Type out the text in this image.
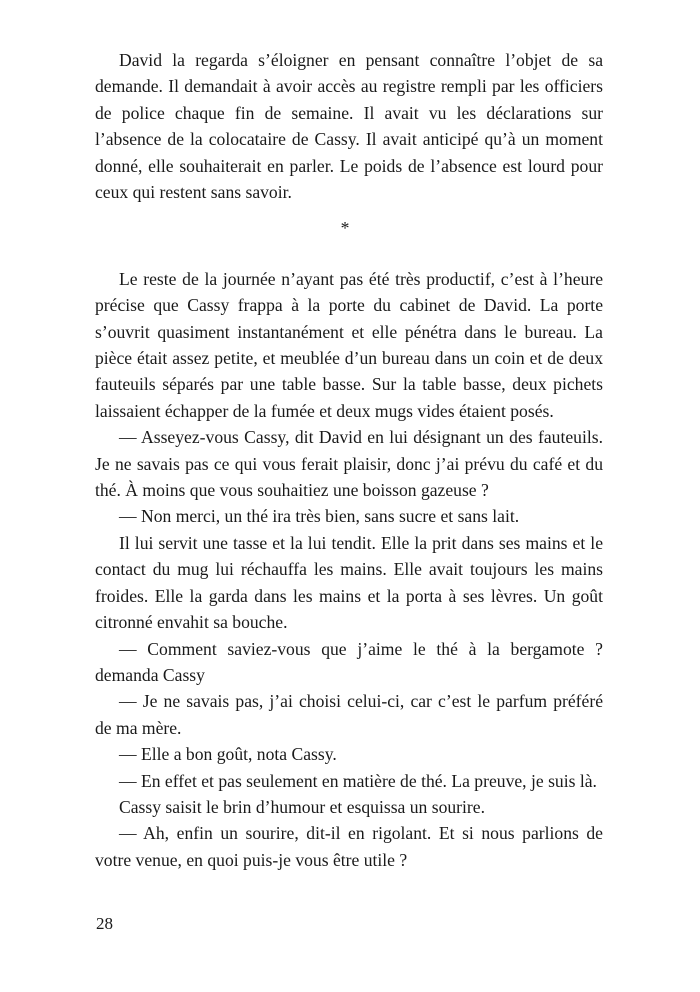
David la regarda s’éloigner en pensant connaître l’objet de sa demande. Il demandait à avoir accès au registre rempli par les officiers de police chaque fin de semaine. Il avait vu les déclarations sur l’absence de la colocataire de Cassy. Il avait anticipé qu’à un moment donné, elle souhaiterait en parler. Le poids de l’absence est lourd pour ceux qui restent sans savoir.

*

Le reste de la journée n’ayant pas été très productif, c’est à l’heure précise que Cassy frappa à la porte du cabinet de David. La porte s’ouvrit quasiment instantanément et elle pénétra dans le bureau. La pièce était assez petite, et meublée d’un bureau dans un coin et de deux fauteuils séparés par une table basse. Sur la table basse, deux pichets laissaient échapper de la fumée et deux mugs vides étaient posés.

— Asseyez-vous Cassy, dit David en lui désignant un des fauteuils. Je ne savais pas ce qui vous ferait plaisir, donc j’ai prévu du café et du thé. À moins que vous souhaitiez une boisson gazeuse ?

— Non merci, un thé ira très bien, sans sucre et sans lait.

Il lui servit une tasse et la lui tendit. Elle la prit dans ses mains et le contact du mug lui réchauffa les mains. Elle avait toujours les mains froides. Elle la garda dans les mains et la porta à ses lèvres. Un goût citronné envahit sa bouche.

— Comment saviez-vous que j’aime le thé à la bergamote ? demanda Cassy

— Je ne savais pas, j’ai choisi celui-ci, car c’est le parfum préféré de ma mère.

— Elle a bon goût, nota Cassy.

— En effet et pas seulement en matière de thé. La preuve, je suis là.

Cassy saisit le brin d’humour et esquissa un sourire.

— Ah, enfin un sourire, dit-il en rigolant. Et si nous parlions de votre venue, en quoi puis-je vous être utile ?

28
